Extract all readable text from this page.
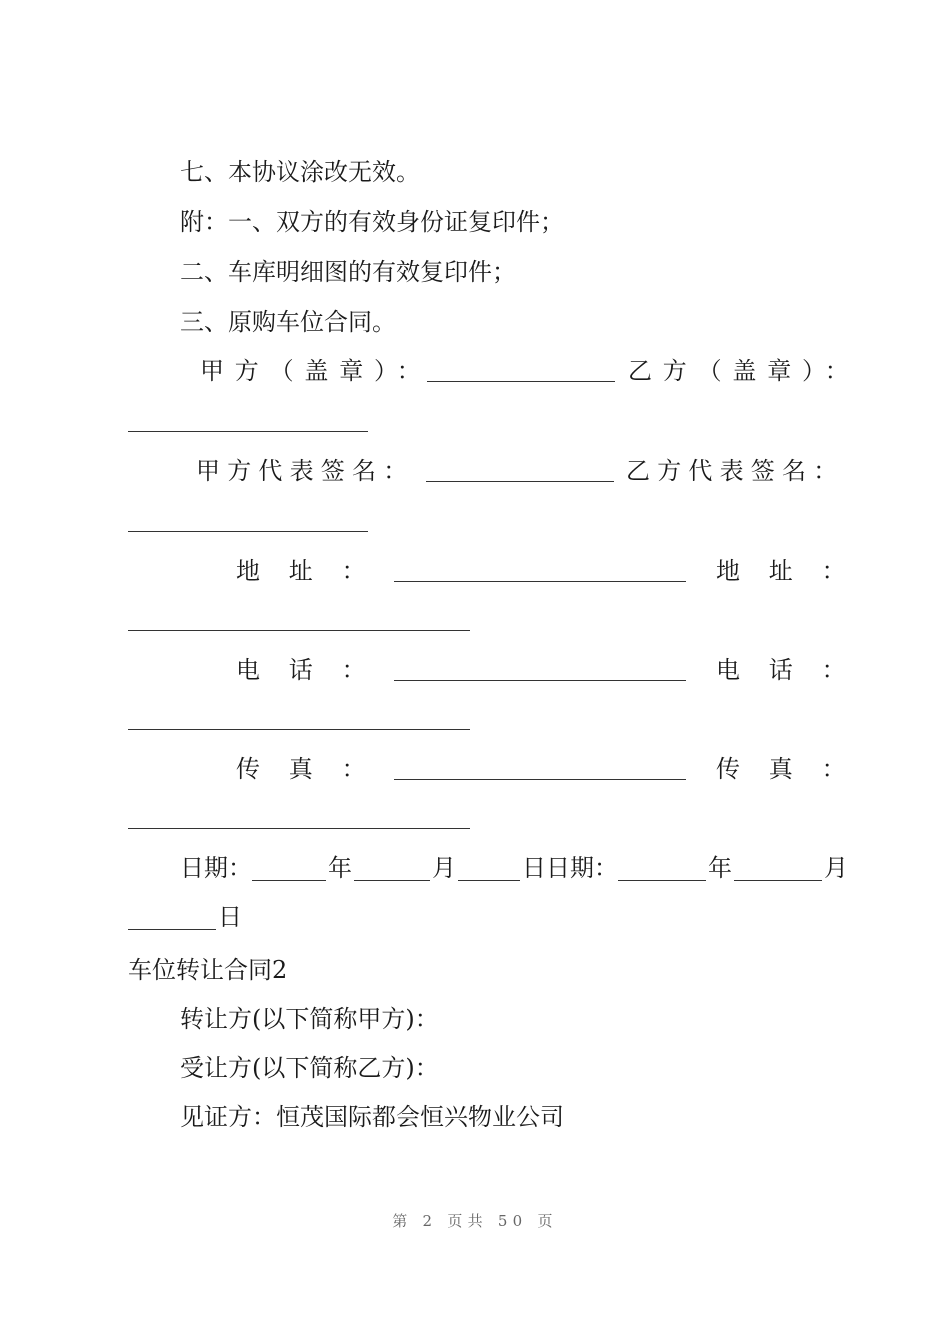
七、本协议涂改无效。
附：一、双方的有效身份证复印件；
二、车库明细图的有效复印件；
三、原购车位合同。
甲方（盖章）：	乙方（盖章）：
甲方代表签名：	乙方代表签名：
地址：	地址：
电话：	电话：
传真：	传真：
日期：	年	月	日日期：	年	月
日
车位转让合同2
转让方(以下简称甲方)：
受让方(以下简称乙方)：
见证方：恒茂国际都会恒兴物业公司
第 2 页共 50 页
